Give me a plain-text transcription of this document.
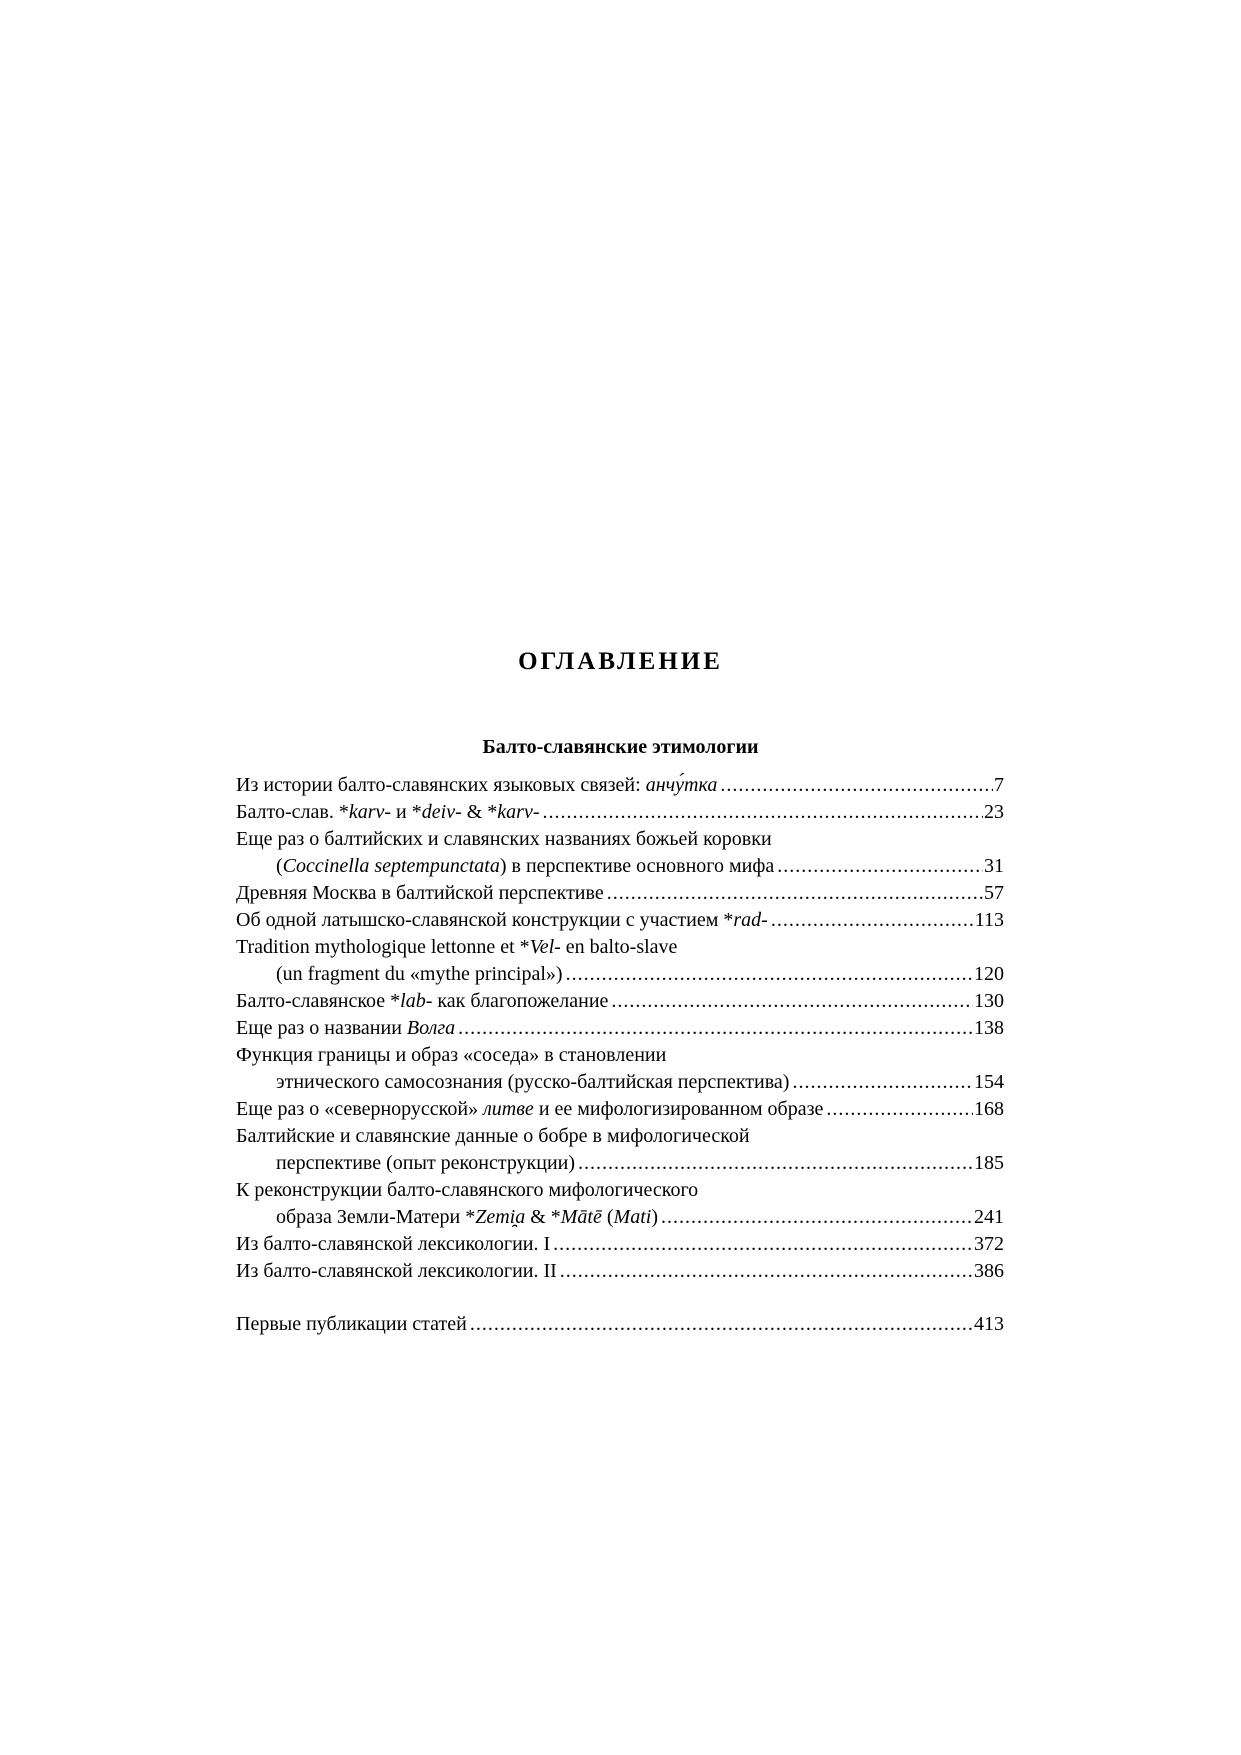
ОГЛАВЛЕНИЕ
Балто-славянские этимологии
Из истории балто-славянских языковых связей: анчу́тка .....	7
Балто-слав. *karv- и *deiv- & *karv- .....	23
Еще раз о балтийских и славянских названиях божьей коровки
(Coccinella septempunctata) в перспективе основного мифа .....	31
Древняя Москва в балтийской перспективе .....	57
Об одной латышско-славянской конструкции с участием *rad- .....	113
Tradition mythologique lettonne et *Vel- en balto-slave
(un fragment du «mythe principal») .....	120
Балто-славянское *lab- как благопожелание .....	130
Еще раз о названии Волга .....	138
Функция границы и образ «соседа» в становлении
этнического самосознания (русско-балтийская перспектива) .....	154
Еще раз о «севернорусской» литве и ее мифологизированном образе .....	168
Балтийские и славянские данные о бобре в мифологической
перспективе (опыт реконструкции) .....	185
К реконструкции балто-славянского мифологического
образа Земли-Матери *Zemi̯a & *Mātē (Mati) .....	241
Из балто-славянской лексикологии. I .....	372
Из балто-славянской лексикологии. II .....	386
Первые публикации статей .....	413
